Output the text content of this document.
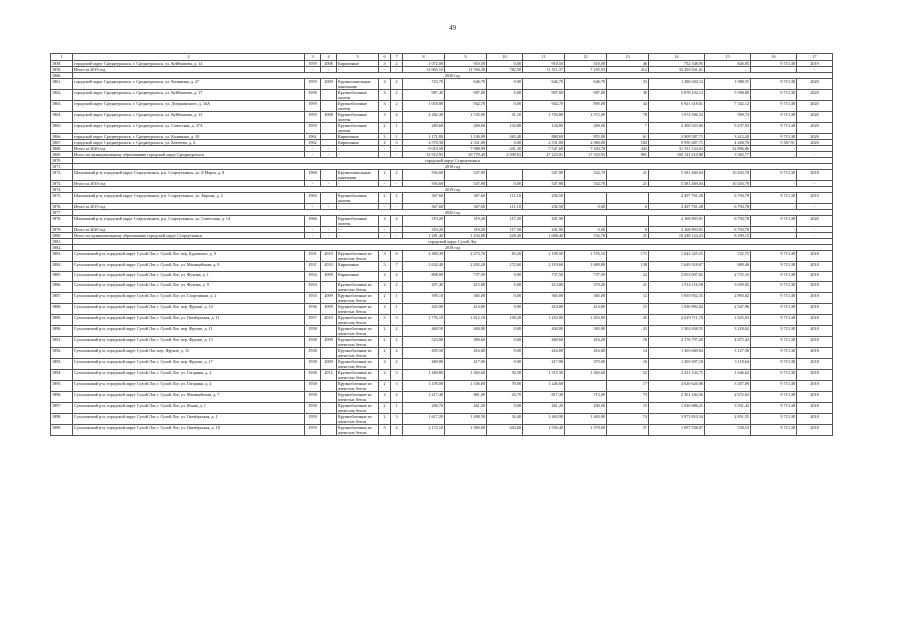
49
1	2	3	4	5	6	7	8	9	10	11	12	13	14	15	16	17
1858.	городской округ Среднеуральск, г. Среднеуральск, ул. Куйбышева, д. 14	1959	2008	Кирпичные	3	2	1 072,00	910,50	0,00	910,50	510,00	46	752 548,95	826,85	9 713,38	2019
1859.	Итого за 2019 год	-	-	-	-	-	12 965,10	11 594,30	782,50	11 511,37	7 105,93	312	33 203 941,61	…	-	-
1860.	2020 год															
1861.	городской округ Среднеуральск, г. Среднеуральск, ул. Калинина, д. 27	1959	2009	Крупнопанельные панельные	2	2	723,70	646,70	0,00	646,70	646,70	33	1 286 020,12	1 988,55	9 713,38	2020
1862.	городской округ Среднеуральск, г. Среднеуральск, ул. Куйбышева, д. 17	1958		Крупноблочные оклеен	3	2	987,40	907,00	0,00	907,00	907,00	38	5 078 192,13	5 598,89	9 713,38	2020
1863.	городской округ Среднеуральск, г. Среднеуральск, ул. Дзержинского, д. 34А	1959		Крупноблочные оклеен	3	2	1 018,80	942,70	0,00	942,70	895,00	44	6 921 418,61	7 342,12	9 713,38	2020
1864.	городской округ Среднеуральск, г. Среднеуральск, ул. Куйбышева, д. 13	1959	2008	Крупноблочные оклеен	3	4	2 282,30	1 745,90	41,10	1 704,80	1 572,00	78	1 674 506,52	959,74	9 713,38	2020
1865.	городской округ Среднеуральск, г. Среднеуральск, ул. Советская, д. 37А	1959		Крупноблочные оклеен	2	1	269,60	269,60	134,80	134,80	269,00	7	2 490 553,60	9 237,93	9 713,38	2020
1866.	городской округ Среднеуральск, г. Среднеуральск, ул. Калинина, д. 10	1961		Кирпичные	3	1	1 171,80	1 146,09	265,40	880,69	855,00	61	2 909 587,71	3 412,20	9 713,38	2020
1867.	городской округ Среднеуральск, г. Среднеуральск, ул. Бахтеева, д. 2	1962		Кирпичные	4	3	2 570,30	2 331,00	0,00	2 331,00	2 060,00	182	9 950 487,71	4 268,76	5 367,91	2020
1868.	Итого за 2020 год	-	-	-	-	-	9 010,50	7 988,99	441,30	7 547,69	7 204,70	443	31 331 124,63	32 896,86	-	-
1869.	Итого по муниципальному образованию городской округ Среднеуральск	-	-	-	-	-	32 912,95	29 770,49	2 509,63	27 225,01	17 333,93	891	100 141 210,88	3 363,77	-	-
1870.	городской округ Староуткинск															
1871.	2018 год															
1872.	Шалинский р-н, городской округ Староуткинск, р.п. Староуткинск, ул. 8 Марта, д. 8	1968		Крупнопанельные панельная	2	2	594,60	547,90		547,90	332,70	21	5 581 469,04	10 203,78	9 713,38	2018
1873.	Итого за 2018 год	-	-	-	-	-	594,60	547,90	0,00	547,90	332,70	21	5 581 469,04	10 203,78	-	-
1874.	2019 год															
1875.	Шалинский р-н, городской округ Староуткинск, р.п. Староуткинск, ул. Кирова, д. 2	1964		Крупноблочные оклеен	2	2	367,60	367,60	111,10	256,50			2 497 761,28	6 794,78	9 713,38	2019
1876.	Итого за 2019 год	-	-	-	-	-	367,60	367,60	111,10	256,50	0,00	0	2 497 761,28	6 794,78	-	-
1877.	2020 год															
1878.	Шалинский р-н, городской округ Староуткинск, р.п. Староуткинск, ул. Советская, д. 14	1966		Крупноблочные оклеен	2	2	319,20	319,20	117,30	201,90			2 168 893,91	6 794,78	9 713,38	2020
1879.	Итого за 2020 год	-	-	-	-	-	319,20	319,20	117,30	201,90	0,00	0	2 168 893,91	6 794,78	-	-
1880.	Итого по муниципальному образованию городской округ Староуткинск	-	-	-	-	-	1 281,40	1 234,80	228,40	1 006,40	332,70	21	10 248 124,23	8 299,15	-	-
1881.	городской округ Сухой Лог															
1882.	2018 год															
1883.	Сухоложский р-н, городской округ Сухой Лог, г. Сухой Лог, пер. Буденного, д. 9	1931	2010	Крупноблочные из ячеистых бетон	3	6	2 469,39	2 273,70	83,20	2 190,50	1 576,10	171	1 642 325,55	722,75	9 713,38	2018
1884.	Сухоложский р-н, городской округ Сухой Лог, г. Сухой Лог, ул. Милицейская, д. 8	1931	2010	Кирпичные	3	7	2 632,40	2 292,20	172,60	2 119,60	1 689,80	138	1 649 318,67	689,46	9 713,38	2018
1885.	Сухоложский р-н, городской округ Сухой Лог, г. Сухой Лог, ул. Фучика, д. 1	1934	2009	Кирпичные	2	2	808,00	737,50	0,00	737,50	737,50	22	2 053 007,65	2 755,33	9 713,38	2018
1886.	Сухоложский р-н, городской округ Сухой Лог, г. Сухой Лог, ул. Фучика, д. 9	1954		Крупноблочные из ячеистых бетон	2	2	457,40	413,80	0,00	413,80	370,20	21	1 514 116,59	3 659,05	9 713,38	2018
1887.	Сухоложский р-н, городской округ Сухой Лог, г. Сухой Лог, ул. Спортивная, д. 2	1935	2009	Крупноблочные из ячеистых бетон	2	1	395,10	365,00	0,00	365,00	365,00	12	1 055 952,35	2 893,02	9 713,38	2018
1888.	Сухоложский р-н, городской округ Сухой Лог, г. Сухой Лог, пер. Фрунзе, д. 14	1936	2009	Крупноблочные из ячеистых бетон	2	1	443,90	414,80	0,00	414,80	414,80	15	1 036 892,02	2 347,96	9 713,38	2018
1889.	Сухоложский р-н, городской округ Сухой Лог, г. Сухой Лог, ул. Октябрьская, д. 11	1957	2010	Крупноблочные из ячеистых бетон	3	3	1 776,10	1 612,10	158,20	1 453,90	1 453,90	45	2 619 711,70	1 625,03	9 713,38	2018
1890.	Сухоложский р-н, городской округ Сухой Лог, г. Сухой Лог, пер. Фрунзе, д. 11	1938		Крупноблочные из ячеистых бетон	2	2	460,50	404,80	0,00	404,80	365,00	23	1 302 658,55	3 218,02	9 713,38	2018
1891.	Сухоложский р-н, городской округ Сухой Лог, г. Сухой Лог, пер. Фрунзе, д. 13	1938	2009	Крупноблочные из ячеистых бетон	2	2	523,00	469,60	0,00	469,60	416,20	18	2 176 797,20	4 675,43	9 713,38	2018
1892.	Сухоложский р-н, городской округ Сухой Лог, пер. Фрунзе, д. 15	1938		Крупноблочные из ячеистых бетон	2	2	495,50	416,80	0,00	416,80	416,80	14	1 303 669,04	3 127,56	9 713,38	2018
1893.	Сухоложский р-н, городской округ Сухой Лог, г. Сухой Лог, пер. Фрунзе, д. 17	1938	2009	Крупноблочные из ячеистых бетон	2	2	469,80	417,90	0,00	417,90	375,00	16	1 303 697,18	3 119,64	9 713,38	2018
1894.	Сухоложский р-н, городской округ Сухой Лог, г. Сухой Лог, ул. Гагарина, д. 2	1938	2012	Крупноблочные из ячеистых бетон	2	3	1 469,80	1 365,60	50,30	1 315,30	1 365,60	52	2 231 334,75	1 646,62	9 713,38	2018
1895.	Сухоложский р-н, городской округ Сухой Лог, г. Сухой Лог, ул. Гагарина, д. 4	1938		Крупноблочные из ячеистых бетон	2	3	1 478,00	1 336,60	70,00	1 226,60		17	4 620 626,08	3 457,09	9 713,38	2018
1896.	Сухоложский р-н, городской округ Сухой Лог, г. Сухой Лог, ул. Милицейская, д. 7	1938		Крупноблочные из ячеистых бетон	2	2	1 217,40	861,00	43,70	817,30	713,00	73	2 301 184,56	2 672,63	9 713,38	2018
1897.	Сухоложский р-н, городской округ Сухой Лог, г. Сухой Лог, ул. Ясная, д. 1	1938		Крупноблочные из ячеистых бетон	2	1	290,70	261,20	0,00	261,20	200,00	15	1 026 886,21	3 931,42	9 713,38	2018
1898.	Сухоложский р-н, городской округ Сухой Лог, г. Сухой Лог, ул. Октябрьская, д. 1	1959		Крупноблочные из ячеистых бетон	2	3	1 617,20	1 498,50	34,40	1 463,90	1 463,00	74	3 973 810,54	2 651,55	9 713,38	2018
1899.	Сухоложский р-н, городской округ Сухой Лог, г. Сухой Лог, ул. Октябрьская, д. 18	1959		Крупноблочные из ячеистых бетон	3	4	2 172,10	1 983,00	443,60	1 539,40	1 579,00	57	1 097 558,07	558,53	9 713,38	2018
